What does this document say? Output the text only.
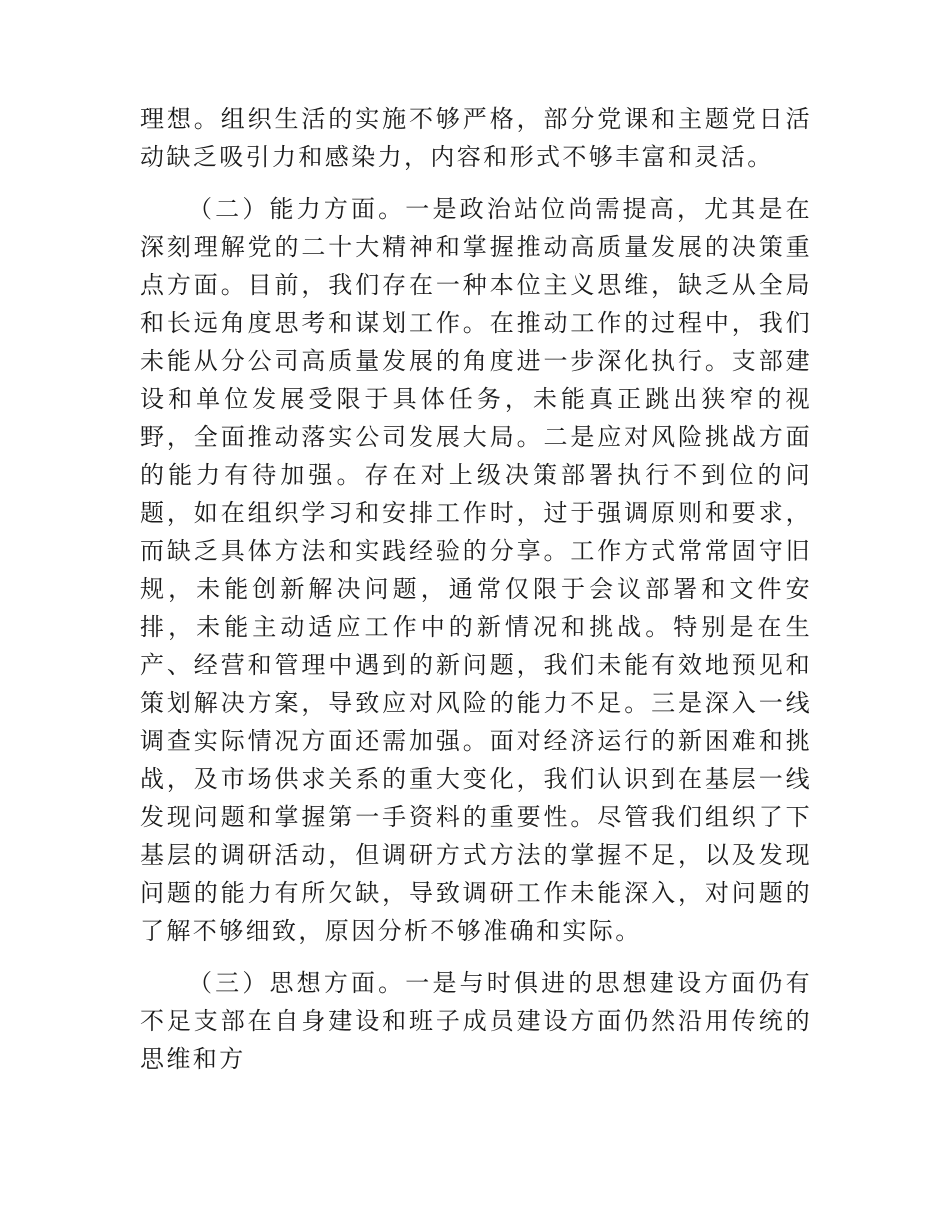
理想。组织生活的实施不够严格，部分党课和主题党日活动缺乏吸引力和感染力，内容和形式不够丰富和灵活。

（二）能力方面。一是政治站位尚需提高，尤其是在深刻理解党的二十大精神和掌握推动高质量发展的决策重点方面。目前，我们存在一种本位主义思维，缺乏从全局和长远角度思考和谋划工作。在推动工作的过程中，我们未能从分公司高质量发展的角度进一步深化执行。支部建设和单位发展受限于具体任务，未能真正跳出狭窄的视野，全面推动落实公司发展大局。二是应对风险挑战方面的能力有待加强。存在对上级决策部署执行不到位的问题，如在组织学习和安排工作时，过于强调原则和要求，而缺乏具体方法和实践经验的分享。工作方式常常固守旧规，未能创新解决问题，通常仅限于会议部署和文件安排，未能主动适应工作中的新情况和挑战。特别是在生产、经营和管理中遇到的新问题，我们未能有效地预见和策划解决方案，导致应对风险的能力不足。三是深入一线调查实际情况方面还需加强。面对经济运行的新困难和挑战，及市场供求关系的重大变化，我们认识到在基层一线发现问题和掌握第一手资料的重要性。尽管我们组织了下基层的调研活动，但调研方式方法的掌握不足，以及发现问题的能力有所欠缺，导致调研工作未能深入，对问题的了解不够细致，原因分析不够准确和实际。

（三）思想方面。一是与时俱进的思想建设方面仍有不足支部在自身建设和班子成员建设方面仍然沿用传统的思维和方
